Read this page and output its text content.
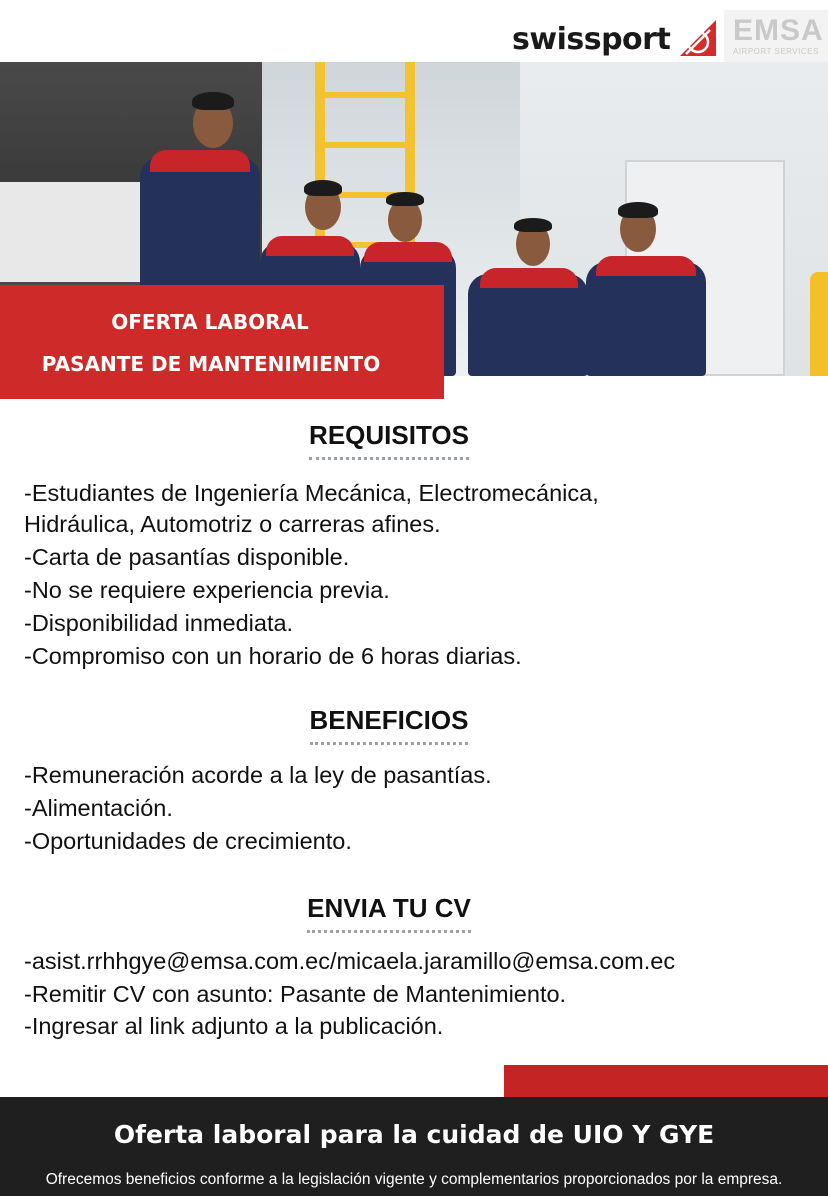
swissport EMSA
AIRPORT SERVICES
OFERTA LABORAL
PASANTE DE MANTENIMIENTO
REQUISITOS
-Estudiantes de Ingeniería Mecánica, Electromecánica,
Hidráulica, Automotriz o carreras afines.
-Carta de pasantías disponible.
-No se requiere experiencia previa.
-Disponibilidad inmediata.
-Compromiso con un horario de 6 horas diarias.
BENEFICIOS
-Remuneración acorde a la ley de pasantías.
-Alimentación.
-Oportunidades de crecimiento.
ENVIA TU CV
-asist.rrhhgye@emsa.com.ec/micaela.jaramillo@emsa.com.ec
-Remitir CV con asunto: Pasante de Mantenimiento.
-Ingresar al link adjunto a la publicación.
Oferta laboral para la cuidad de UIO Y GYE
Ofrecemos beneficios conforme a la legislación vigente y complementarios proporcionados por la empresa.
